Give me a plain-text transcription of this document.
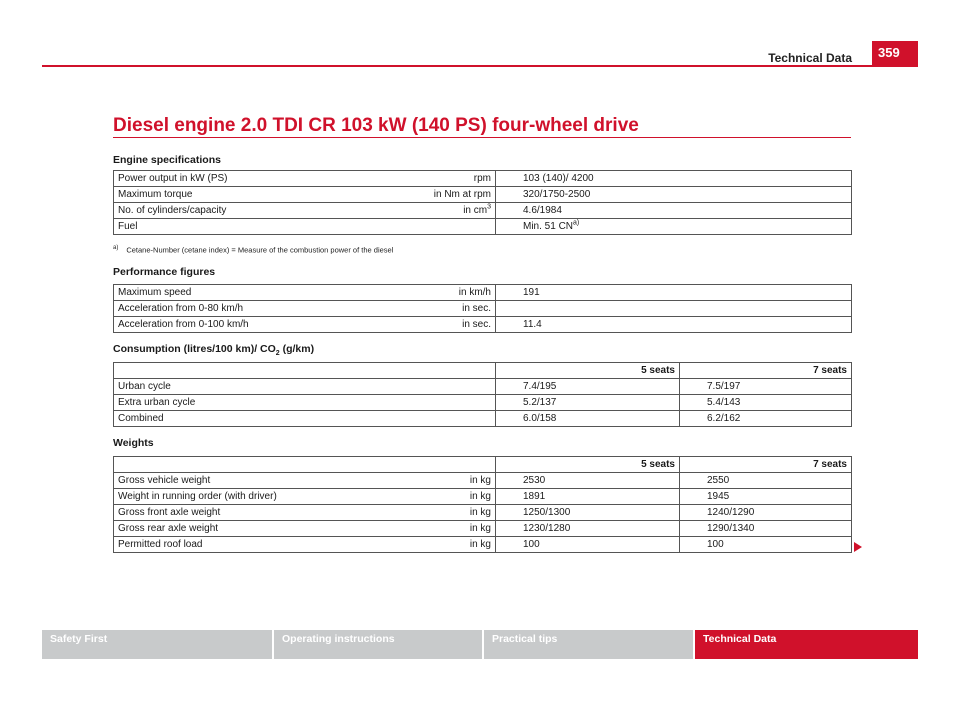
Technical Data	359
Diesel engine 2.0 TDI CR 103 kW (140 PS) four-wheel drive
Engine specifications
Power output in kW (PS)	rpm	103 (140)/ 4200
Maximum torque	in Nm at rpm	320/1750-2500
No. of cylinders/capacity	in $cm^3$	4.6/1984
Fuel		Min. 51 CN$^{a)}$
$^{a)}$ Cetane-Number (cetane index) = Measure of the combustion power of the diesel
Performance figures
Maximum speed	in km/h	191
Acceleration from 0-80 km/h	in sec.	
Acceleration from 0-100 km/h	in sec.	11.4
Consumption (litres/100 km)/ $CO_2$ (g/km)
	5 seats	7 seats
Urban cycle	7.4/195	7.5/197
Extra urban cycle	5.2/137	5.4/143
Combined	6.0/158	6.2/162
Weights
		5 seats	7 seats
Gross vehicle weight	in kg	2530	2550
Weight in running order (with driver)	in kg	1891	1945
Gross front axle weight	in kg	1250/1300	1240/1290
Gross rear axle weight	in kg	1230/1280	1290/1340
Permitted roof load	in kg	100	100
Safety First	Operating instructions	Practical tips	Technical Data
